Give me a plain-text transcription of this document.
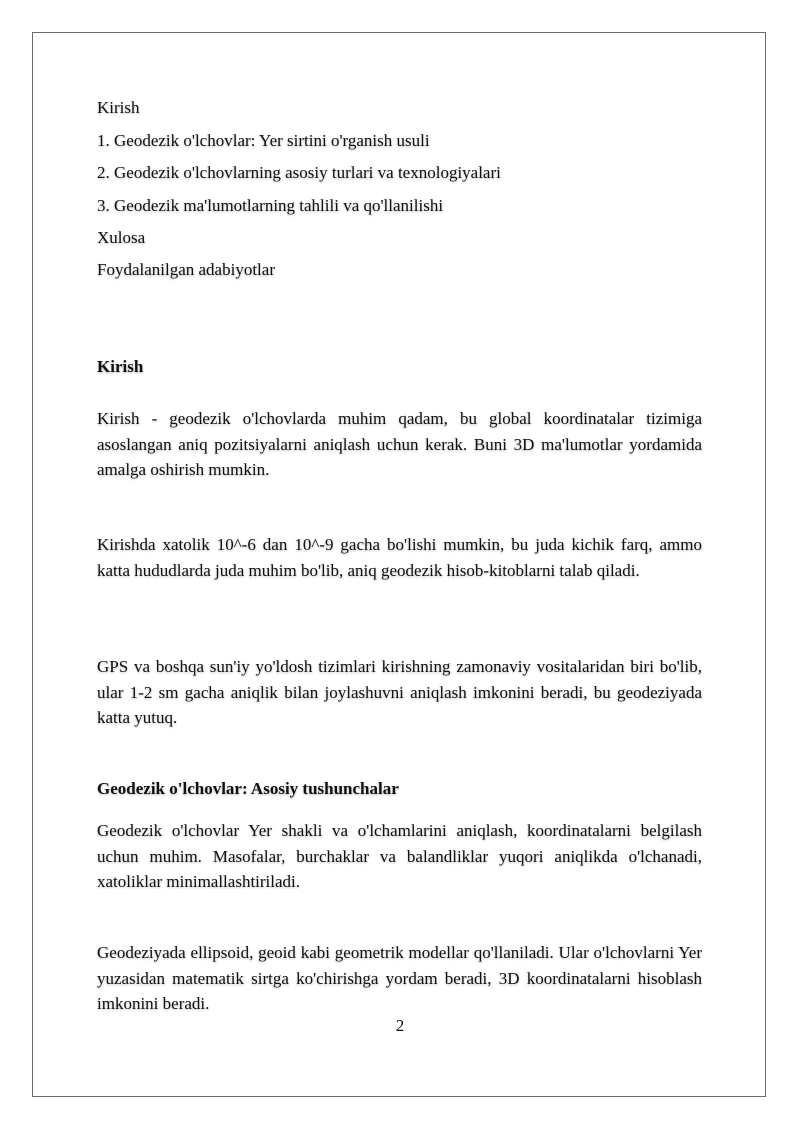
Kirish
1. Geodezik o'lchovlar: Yer sirtini o'rganish usuli
2. Geodezik o'lchovlarning asosiy turlari va texnologiyalari
3. Geodezik ma'lumotlarning tahlili va qo'llanilishi
Xulosa
Foydalanilgan adabiyotlar
Kirish
Kirish - geodezik o'lchovlarda muhim qadam, bu global koordinatalar tizimiga asoslangan aniq pozitsiyalarni aniqlash uchun kerak. Buni 3D ma'lumotlar yordamida amalga oshirish mumkin.
Kirishda xatolik 10^-6 dan 10^-9 gacha bo'lishi mumkin, bu juda kichik farq, ammo katta hududlarda juda muhim bo'lib, aniq geodezik hisob-kitoblarni talab qiladi.
GPS va boshqa sun'iy yo'ldosh tizimlari kirishning zamonaviy vositalaridan biri bo'lib, ular 1-2 sm gacha aniqlik bilan joylashuvni aniqlash imkonini beradi, bu geodeziyada katta yutuq.
Geodezik o'lchovlar: Asosiy tushunchalar
Geodezik o'lchovlar Yer shakli va o'lchamlarini aniqlash, koordinatalarni belgilash uchun muhim. Masofalar, burchaklar va balandliklar yuqori aniqlikda o'lchanadi, xatoliklar minimallashtiriladi.
Geodeziyada ellipsoid, geoid kabi geometrik modellar qo'llaniladi. Ular o'lchovlarni Yer yuzasidan matematik sirtga ko'chirishga yordam beradi, 3D koordinatalarni hisoblash imkonini beradi.
2
